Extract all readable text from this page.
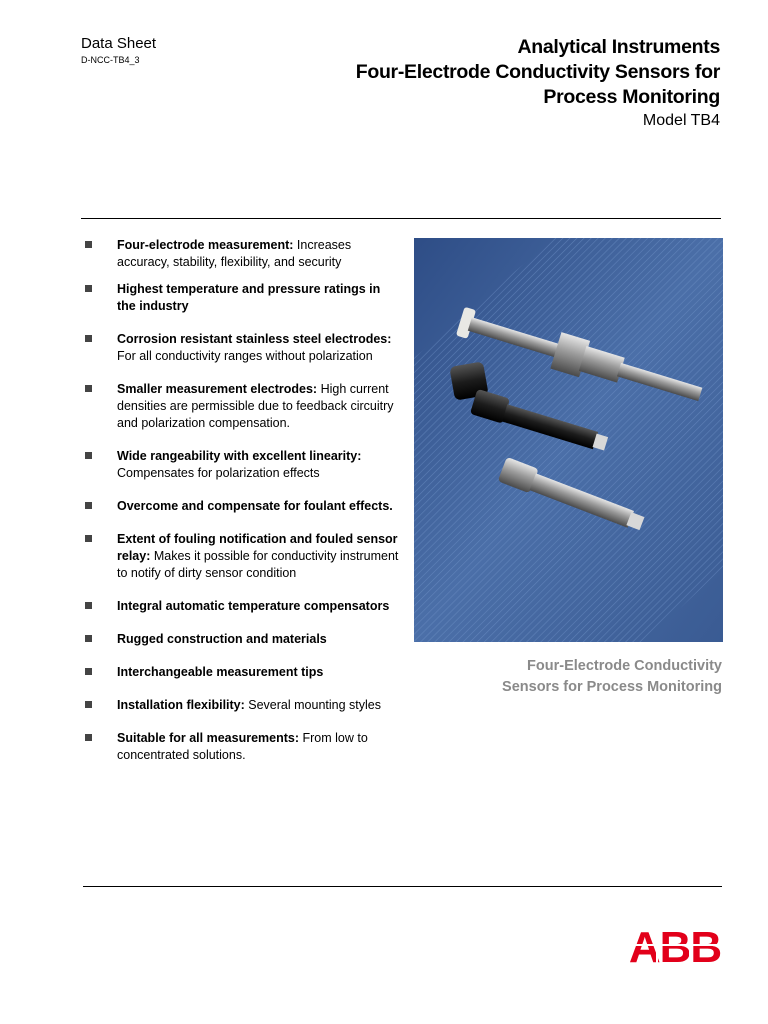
Data Sheet
D-NCC-TB4_3
Analytical Instruments
Four-Electrode Conductivity Sensors for
Process Monitoring
Model TB4
Four-electrode measurement: Increases accuracy, stability, flexibility, and security
Highest temperature and pressure ratings in the industry
Corrosion resistant stainless steel electrodes: For all conductivity ranges without polarization
Smaller measurement electrodes: High current densities are permissible due to feedback circuitry and polarization compensation.
Wide rangeability with excellent linearity: Compensates for polarization effects
Overcome and compensate for foulant effects.
Extent of fouling notification and fouled sensor relay: Makes it possible for conductivity instrument to notify of dirty sensor condition
Integral automatic temperature compensators
Rugged construction and materials
Interchangeable measurement tips
Installation flexibility: Several mounting styles
Suitable for all measurements: From low to concentrated solutions.
Four-Electrode Conductivity Sensors for Process Monitoring
ABB
